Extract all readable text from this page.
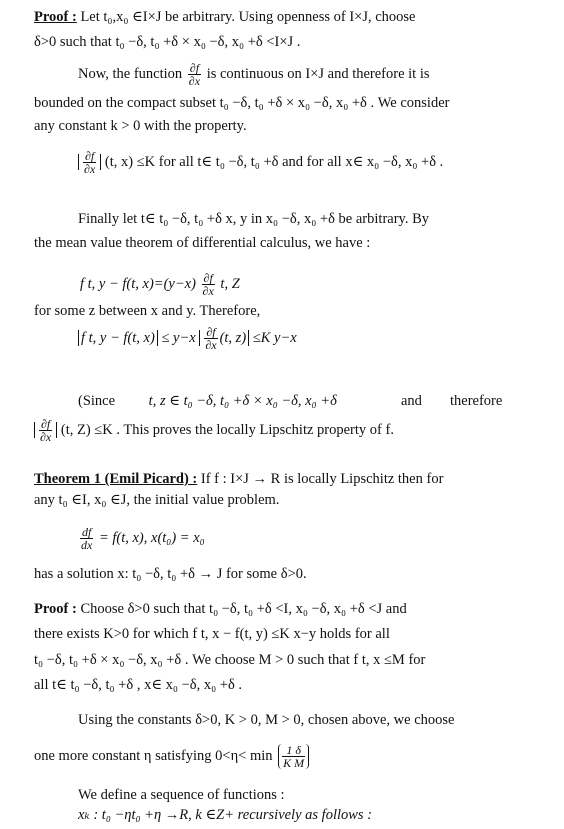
Proof : Let t₀,x₀ ∈I×J be arbitrary. Using openness of I×J, choose
δ>0 such that t₀ −δ, t₀ +δ × x₀ −δ, x₀ +δ <I×J .
Now, the function $\frac{\partial f}{\partial x}$ is continuous on I×J and therefore it is
bounded on the compact subset t₀ −δ, t₀ +δ × x₀ −δ, x₀ +δ . We consider
any constant k > 0 with the property.
$\frac{\partial f}{\partial x} (t$, x) ≤K for all t∈ t₀ −δ, t₀ +δ and for all x∈ x₀ −δ, x₀ +δ .
Finally let t∈ t₀ −δ, t₀ +δ x, y in x₀ −δ, x₀ +δ be arbitrary. By
the mean value theorem of differential calculus, we have :
f t, y − f(t, $x)=(y-x) \frac{\partial f}{\partial x} t$, Z
for some z between x and y. Therefore,
f t, y − f(t, $x) \le y-x \frac{\partial f}{\partial x} (t$, z) ≤K y−x
(Since t, z ∈ t₀ −δ, t₀ +δ × x₀ −δ, x₀ +δ	and therefore
$\frac{\partial f}{\partial x} (t$, Z) ≤K . This proves the locally Lipschitz property of f.
Theorem 1 (Emil Picard) : If f : I×J → R is locally Lipschitz then for
any t₀ ∈I, x₀ ∈J, the initial value problem.
$\frac{df}{dx} = f(t$, x), x(t₀) = x₀
has a solution x: t₀ −δ, t₀ +δ → J for some δ>0.
Proof : Choose δ>0 such that t₀ −δ, t₀ +δ <I, x₀ −δ, x₀ +δ <J and
there exists K>0 for which f t, x − f(t, y) ≤K x−y holds for all
t₀ −δ, t₀ +δ × x₀ −δ, x₀ +δ . We choose M > 0 such that f t, x ≤M for
all t∈ t₀ −δ, t₀ +δ , x∈ x₀ −δ, x₀ +δ .
Using the constants δ>0, K > 0, M > 0, chosen above, we choose
one more constant η satisfying $0<\eta< \min \frac{1 \delta}{\text{K M}}$
We define a sequence of functions :
xₖ : t₀ −ηt₀ +η →R, k ∈Z+ recursively as follows :
